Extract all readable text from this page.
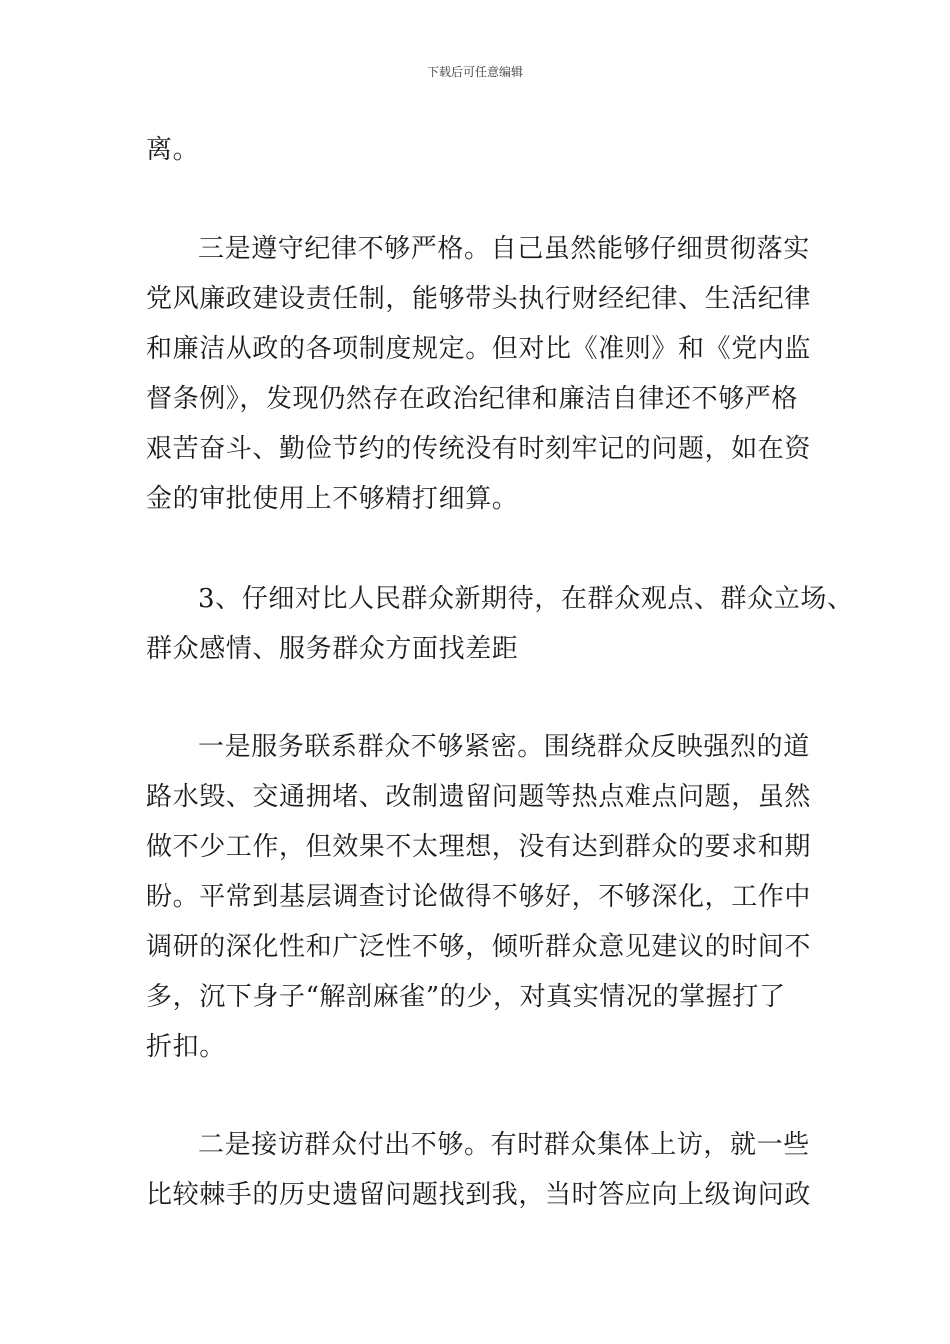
下载后可任意编辑
离。
三是遵守纪律不够严格。自己虽然能够仔细贯彻落实
党风廉政建设责任制，能够带头执行财经纪律、生活纪律
和廉洁从政的各项制度规定。但对比《准则》和《党内监
督条例》，发现仍然存在政治纪律和廉洁自律还不够严格
艰苦奋斗、勤俭节约的传统没有时刻牢记的问题，如在资
金的审批使用上不够精打细算。
3、仔细对比人民群众新期待，在群众观点、群众立场、
群众感情、服务群众方面找差距
一是服务联系群众不够紧密。围绕群众反映强烈的道
路水毁、交通拥堵、改制遗留问题等热点难点问题，虽然
做不少工作，但效果不太理想，没有达到群众的要求和期
盼。平常到基层调查讨论做得不够好，不够深化，工作中
调研的深化性和广泛性不够，倾听群众意见建议的时间不
多，沉下身子“解剖麻雀”的少，对真实情况的掌握打了
折扣。
二是接访群众付出不够。有时群众集体上访，就一些
比较棘手的历史遗留问题找到我，当时答应向上级询问政
